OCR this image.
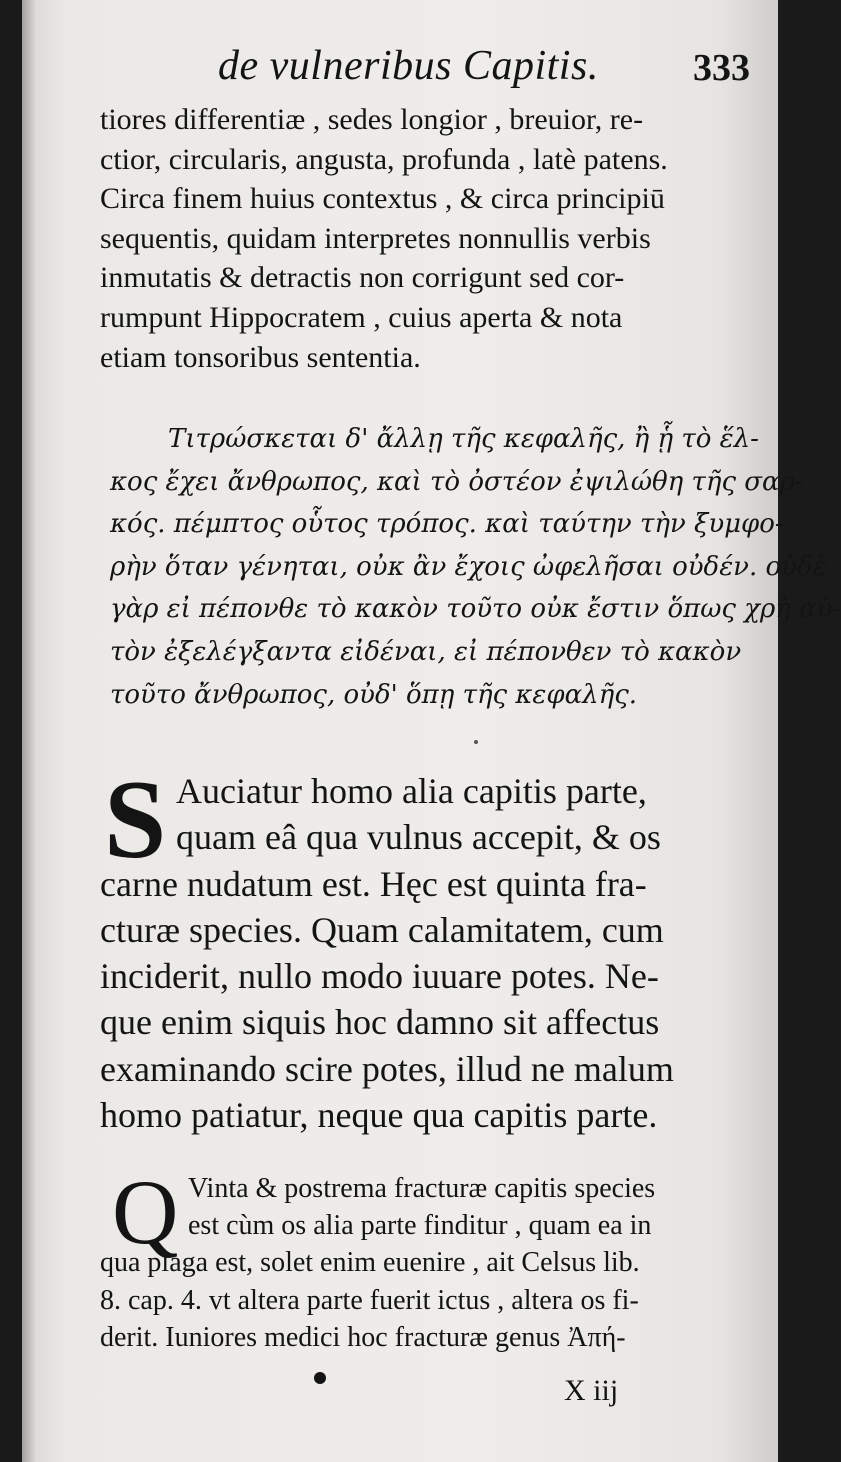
de vulneribus Capitis. 333
tiores differentiæ , sedes longior , breuior, re-
ctior, circularis, angusta, profunda , latè patens.
Circa finem huius contextus , & circa principiū
sequentis, quidam interpretes nonnullis verbis
inmutatis & detractis non corrigunt sed cor-
rumpunt Hippocratem , cuius aperta & nota
etiam tonsoribus sententia.
Τιτρώσκεται δ' ἄλλῃ τῆς κεφαλῆς, ἢ ᾗ τὸ ἕλ-
κος ἔχει ἄνθρωπος, καὶ τὸ ὀστέον ἐψιλώθη τῆς σαρ-
κός. πέμπτος οὗτος τρόπος. καὶ ταύτην τὴν ξυμφο-
ρὴν ὅταν γένηται, οὐκ ἂν ἔχοις ὠφελῆσαι οὐδέν. οὐδὲ
γὰρ εἰ πέπονθε τὸ κακὸν τοῦτο οὐκ ἔστιν ὅπως χρὴ αὐ-
τὸν ἐξελέγξαντα εἰδέναι, εἰ πέπονθεν τὸ κακὸν
τοῦτο ἄνθρωπος, οὐδ' ὅπῃ τῆς κεφαλῆς.
S Auciatur homo alia capitis parte,
quam eâ qua vulnus accepit, & os
carne nudatum est. Hęc est quinta fra-
cturæ species. Quam calamitatem, cum
inciderit, nullo modo iuuare potes. Ne-
que enim siquis hoc damno sit affectus
examinando scire potes, illud ne malum
homo patiatur, neque qua capitis parte.
Q Vinta & postrema fracturæ capitis species
est cùm os alia parte finditur , quam ea in
qua plaga est, solet enim euenire , ait Celsus lib.
8. cap. 4. vt altera parte fuerit ictus , altera os fi-
derit. Iuniores medici hoc fracturæ genus Ἀπή-
X iij
